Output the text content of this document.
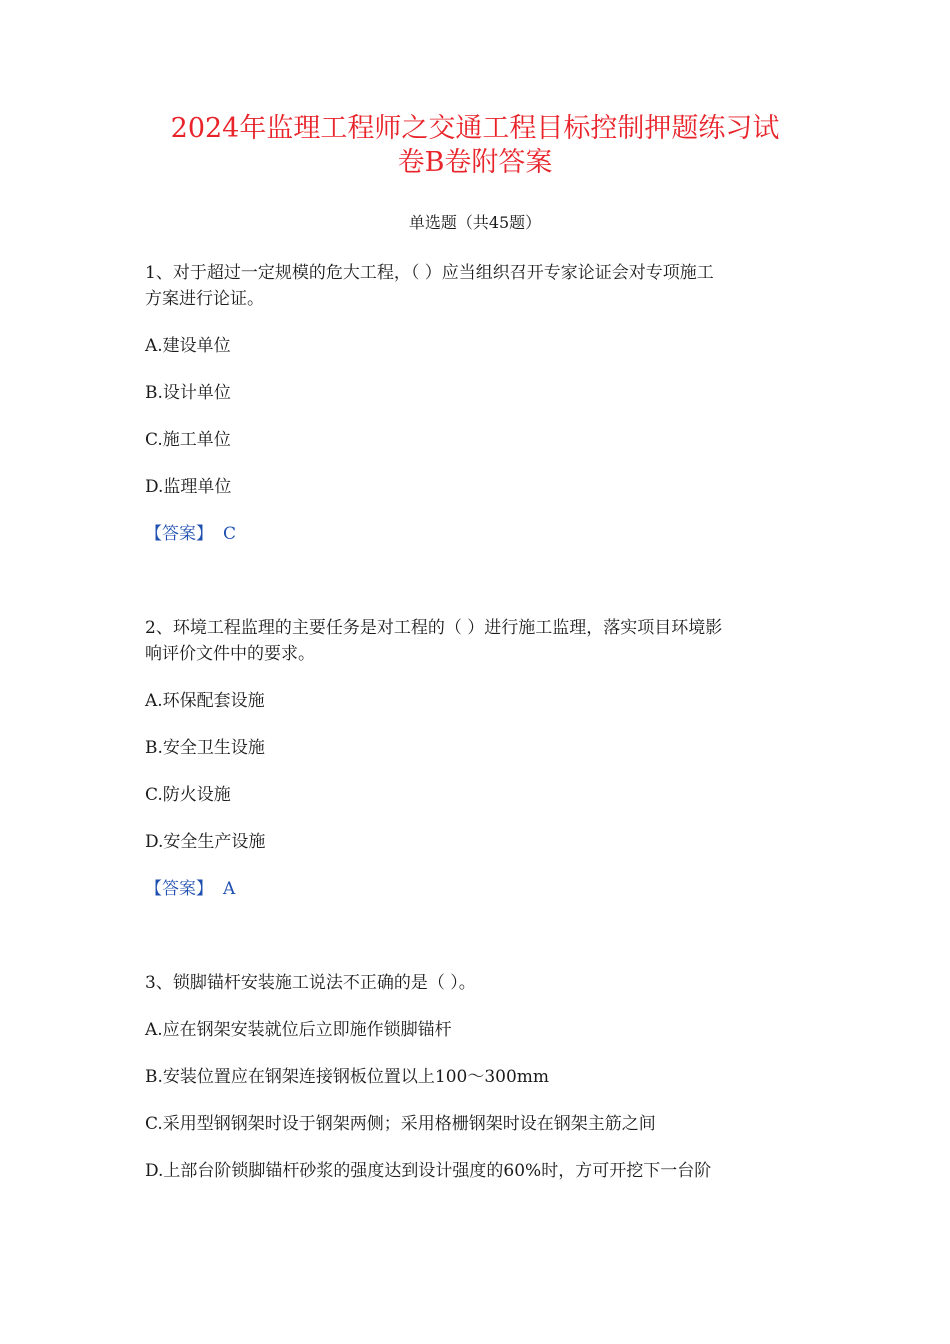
2024年监理工程师之交通工程目标控制押题练习试
卷B卷附答案
单选题（共45题）
1、对于超过一定规模的危大工程，（ ）应当组织召开专家论证会对专项施工
方案进行论证。
A.建设单位
B.设计单位
C.施工单位
D.监理单位
【答案】 C
2、环境工程监理的主要任务是对工程的（ ）进行施工监理，落实项目环境影
响评价文件中的要求。
A.环保配套设施
B.安全卫生设施
C.防火设施
D.安全生产设施
【答案】 A
3、锁脚锚杆安装施工说法不正确的是（ ）。
A.应在钢架安装就位后立即施作锁脚锚杆
B.安装位置应在钢架连接钢板位置以上100～300mm
C.采用型钢钢架时设于钢架两侧；采用格栅钢架时设在钢架主筋之间
D.上部台阶锁脚锚杆砂浆的强度达到设计强度的60%时，方可开挖下一台阶
